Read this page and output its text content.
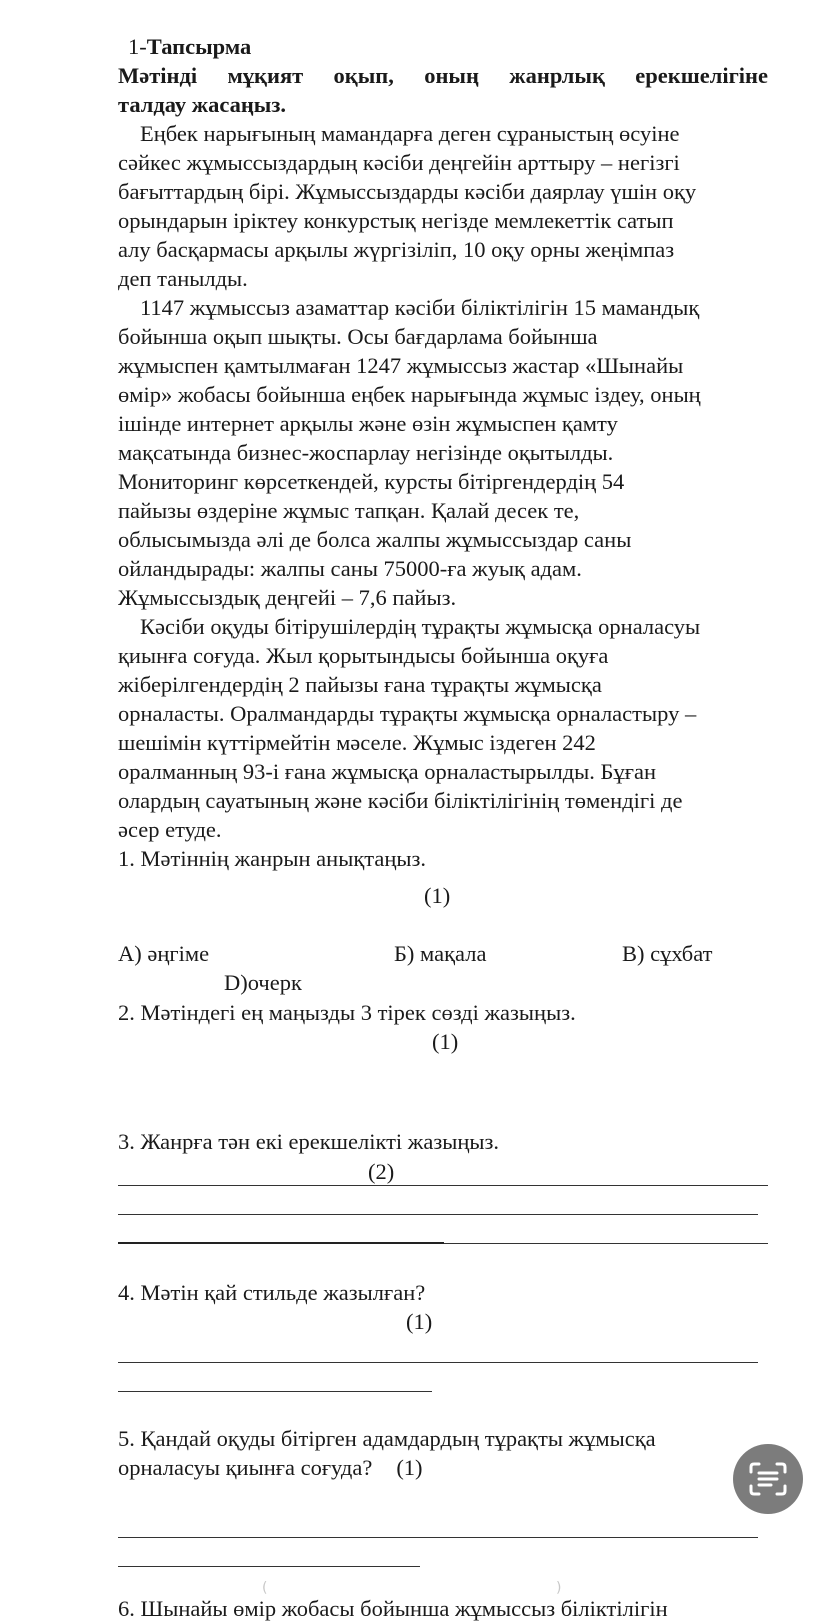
1-Тапсырма
Мәтінді мұқият оқып, оның жанрлық ерекшелігіне
талдау жасаңыз.
Еңбек нарығының мамандарға деген сұраныстың өсуіне
сәйкес жұмыссыздардың кәсіби деңгейін арттыру – негізгі
бағыттардың бірі. Жұмыссыздарды кәсіби даярлау үшін оқу
орындарын іріктеу конкурстық негізде мемлекеттік сатып
алу басқармасы арқылы жүргізіліп, 10 оқу орны жеңімпаз
деп танылды.
1147 жұмыссыз азаматтар кәсіби біліктілігін 15 мамандық
бойынша оқып шықты. Осы бағдарлама бойынша
жұмыспен қамтылмаған 1247 жұмыссыз жастар «Шынайы
өмір» жобасы бойынша еңбек нарығында жұмыс іздеу, оның
ішінде интернет арқылы және өзін жұмыспен қамту
мақсатында бизнес-жоспарлау негізінде оқытылды.
Мониторинг көрсеткендей, курсты бітіргендердің 54
пайызы өздеріне жұмыс тапқан. Қалай десек те,
облысымызда әлі де болса жалпы жұмыссыздар саны
ойландырады: жалпы саны 75000-ға жуық адам.
Жұмыссыздық деңгейі – 7,6 пайыз.
Кәсіби оқуды бітірушілердің тұрақты жұмысқа орналасуы
қиынға соғуда. Жыл қорытындысы бойынша оқуға
жіберілгендердің 2 пайызы ғана тұрақты жұмысқа
орналасты. Оралмандарды тұрақты жұмысқа орналастыру –
шешімін күттірмейтін мәселе. Жұмыс іздеген 242
оралманның 93-і ғана жұмысқа орналастырылды. Бұған
олардың сауатының және кәсіби біліктілігінің төмендігі де
әсер етуде.
1. Мәтіннің жанрын анықтаңыз.
(1)
А) әңгіме	Б) мақала	В) сұхбат
D)очерк
2. Мәтіндегі ең маңызды 3 тірек сөзді жазыңыз.
(1)
3. Жанрға тән екі ерекшелікті жазыңыз.
(2)
4. Мәтін қай стильде жазылған?
(1)
5. Қандай оқуды бітірген адамдардың тұрақты жұмысқа
орналасуы қиынға соғуда? (1)
6. Шынайы өмір жобасы бойынша жұмыссыз біліктілігін
(	)
